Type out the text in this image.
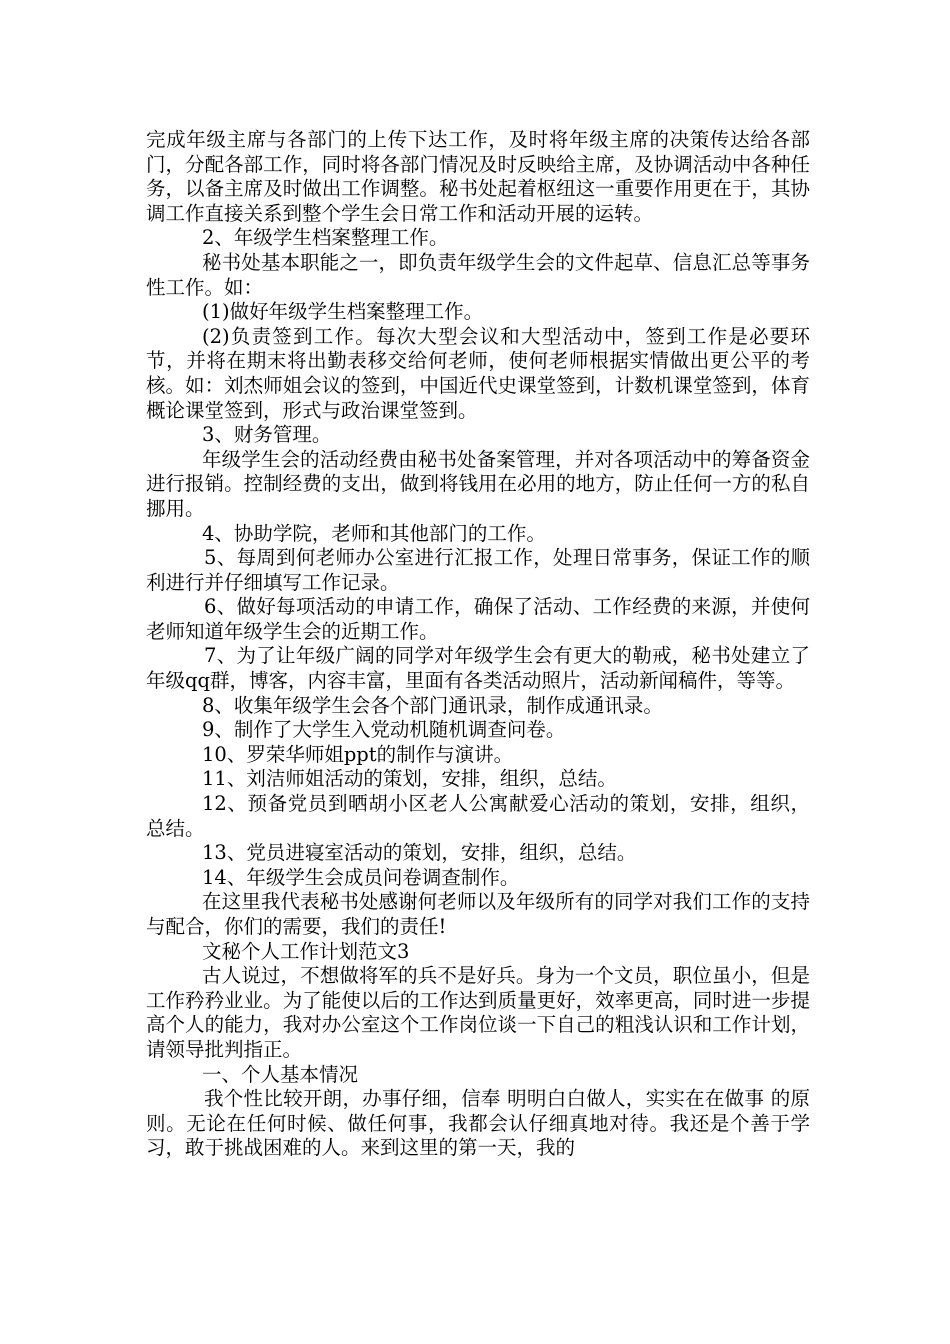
完成年级主席与各部门的上传下达工作，及时将年级主席的决策传达给各部门，分配各部工作，同时将各部门情况及时反映给主席，及协调活动中各种任务，以备主席及时做出工作调整。秘书处起着枢纽这一重要作用更在于，其协调工作直接关系到整个学生会日常工作和活动开展的运转。

2、年级学生档案整理工作。

秘书处基本职能之一，即负责年级学生会的文件起草、信息汇总等事务性工作。如：

(1)做好年级学生档案整理工作。

(2)负责签到工作。每次大型会议和大型活动中，签到工作是必要环节，并将在期末将出勤表移交给何老师，使何老师根据实情做出更公平的考核。如：刘杰师姐会议的签到，中国近代史课堂签到，计数机课堂签到，体育概论课堂签到，形式与政治课堂签到。

3、财务管理。

年级学生会的活动经费由秘书处备案管理，并对各项活动中的筹备资金进行报销。控制经费的支出，做到将钱用在必用的地方，防止任何一方的私自挪用。

4、协助学院，老师和其他部门的工作。

5、每周到何老师办公室进行汇报工作，处理日常事务，保证工作的顺利进行并仔细填写工作记录。

6、做好每项活动的申请工作，确保了活动、工作经费的来源，并使何老师知道年级学生会的近期工作。

7、为了让年级广阔的同学对年级学生会有更大的勒戒，秘书处建立了年级qq群，博客，内容丰富，里面有各类活动照片，活动新闻稿件，等等。

8、收集年级学生会各个部门通讯录，制作成通讯录。

9、制作了大学生入党动机随机调查问卷。

10、罗荣华师姐ppt的制作与演讲。

11、刘洁师姐活动的策划，安排，组织，总结。

12、预备党员到晒胡小区老人公寓献爱心活动的策划，安排，组织，总结。

13、党员进寝室活动的策划，安排，组织，总结。

14、年级学生会成员问卷调查制作。

在这里我代表秘书处感谢何老师以及年级所有的同学对我们工作的支持与配合，你们的需要，我们的责任!

文秘个人工作计划范文3

古人说过，不想做将军的兵不是好兵。身为一个文员，职位虽小，但是工作矜矜业业。为了能使以后的工作达到质量更好，效率更高，同时进一步提高个人的能力，我对办公室这个工作岗位谈一下自己的粗浅认识和工作计划，请领导批判指正。

一、个人基本情况

我个性比较开朗，办事仔细，信奉 明明白白做人，实实在在做事 的原则。无论在任何时候、做任何事，我都会认仔细真地对待。我还是个善于学习，敢于挑战困难的人。来到这里的第一天，我的
